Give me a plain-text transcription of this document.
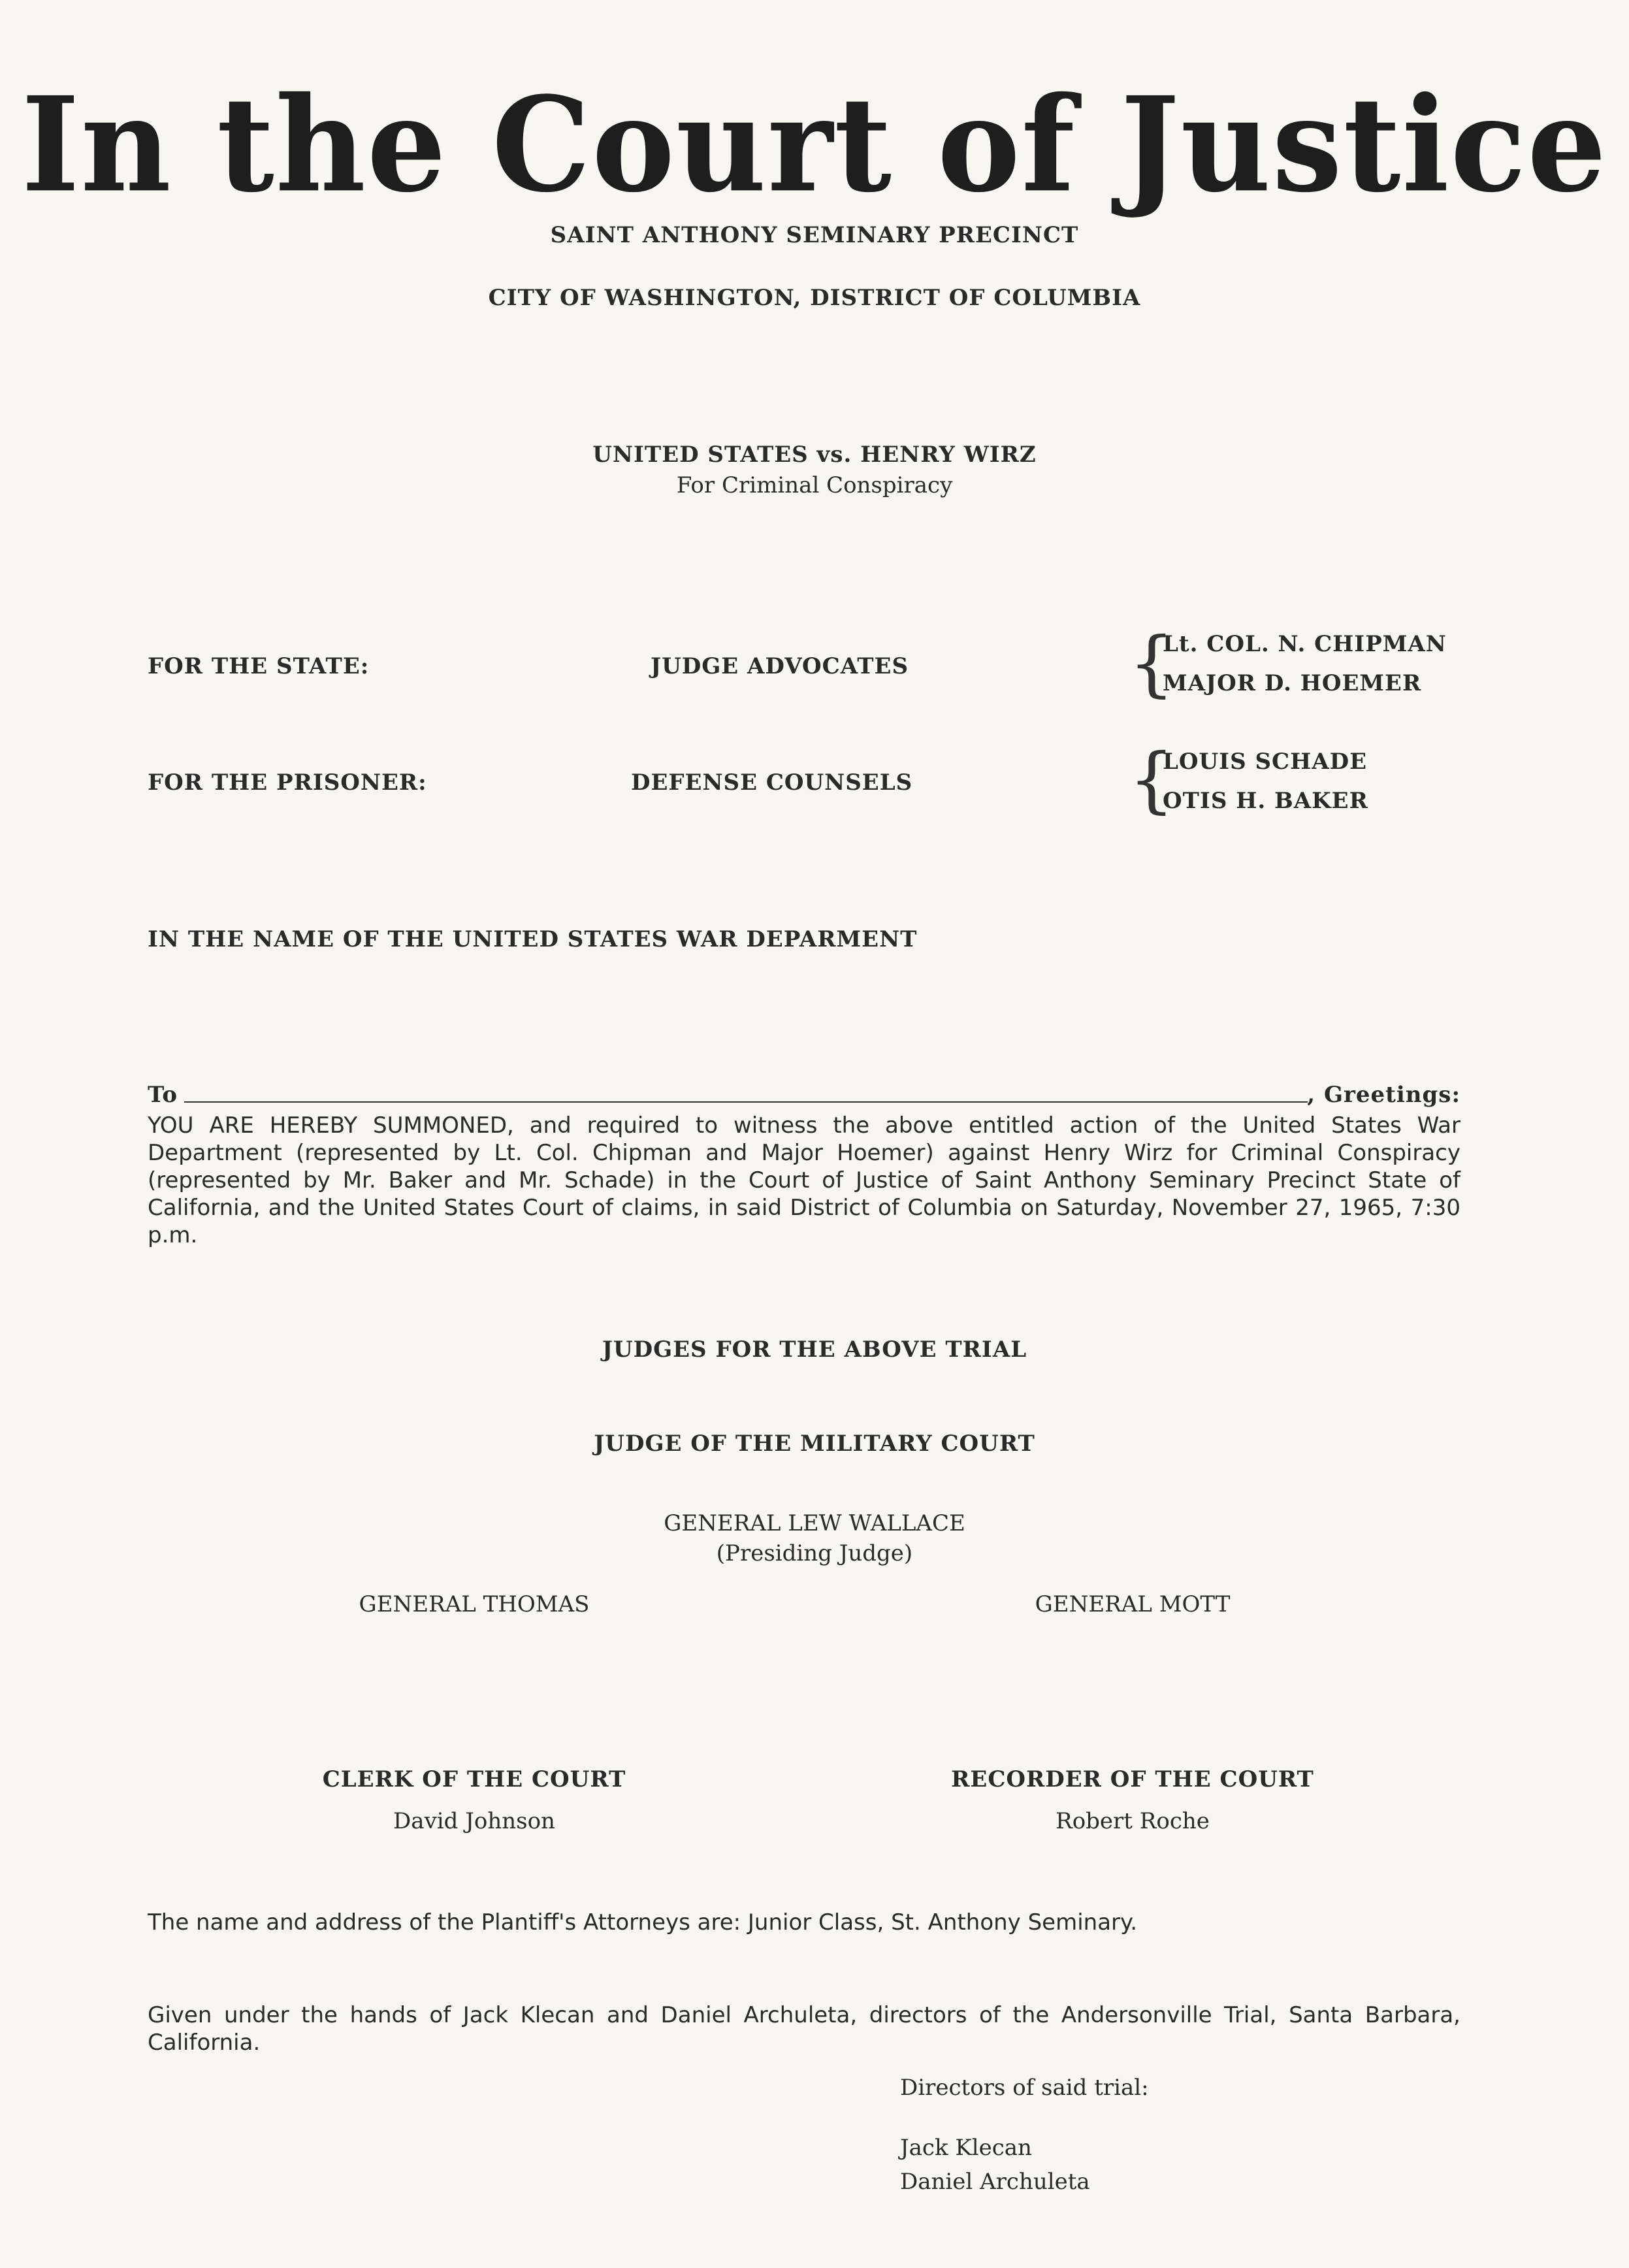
In the Court of Justice
SAINT ANTHONY SEMINARY PRECINCT
CITY OF WASHINGTON, DISTRICT OF COLUMBIA
UNITED STATES vs. HENRY WIRZ
For Criminal Conspiracy
FOR THE STATE:	JUDGE ADVOCATES	{
Lt. COL. N. CHIPMAN
MAJOR D. HOEMER
FOR THE PRISONER:	DEFENSE COUNSELS	{
LOUIS SCHADE
OTIS H. BAKER
IN THE NAME OF THE UNITED STATES WAR DEPARMENT
To	, Greetings:
YOU ARE HEREBY SUMMONED, and required to witness the above entitled action of the United States War Department (represented by Lt. Col. Chipman and Major Hoemer) against Henry Wirz for Criminal Conspiracy (represented by Mr. Baker and Mr. Schade) in the Court of Justice of Saint Anthony Seminary Precinct State of California, and the United States Court of claims, in said District of Columbia on Saturday, November 27, 1965, 7:30 p.m.
JUDGES FOR THE ABOVE TRIAL
JUDGE OF THE MILITARY COURT
GENERAL LEW WALLACE
(Presiding Judge)
GENERAL THOMAS	GENERAL MOTT
CLERK OF THE COURT
David Johnson
RECORDER OF THE COURT
Robert Roche
The name and address of the Plantiff's Attorneys are: Junior Class, St. Anthony Seminary.
Given under the hands of Jack Klecan and Daniel Archuleta, directors of the Andersonville Trial, Santa Barbara, California.
Directors of said trial:
Jack Klecan
Daniel Archuleta
